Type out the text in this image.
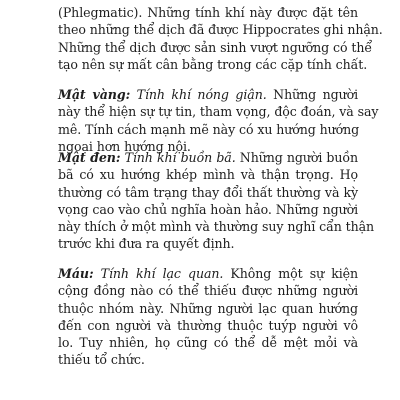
(Phlegmatic). Những tính khí này được đặt tên
theo những thể dịch đã được Hippocrates ghi nhận.
Những thể dịch được sản sinh vượt ngưỡng có thể
tạo nên sự mất cân bằng trong các cặp tính chất.
Mật vàng: Tính khí nóng giận. Những người
này thể hiện sự tự tin, tham vọng, độc đoán, và say
mê. Tính cách mạnh mẽ này có xu hướng hướng
ngoại hơn hướng nội.
Mật đen: Tính khí buồn bã. Những người buồn
bã có xu hướng khép mình và thận trọng. Họ
thường có tâm trạng thay đổi thất thường và kỳ
vọng cao vào chủ nghĩa hoàn hảo. Những người
này thích ở một mình và thường suy nghĩ cẩn thận
trước khi đưa ra quyết định.
Máu: Tính khí lạc quan. Không một sự kiện
cộng đồng nào có thể thiếu được những người
thuộc nhóm này. Những người lạc quan hướng
đến con người và thường thuộc tuýp người vô
lo. Tuy nhiên, họ cũng có thể dễ mệt mỏi và
thiếu tổ chức.
